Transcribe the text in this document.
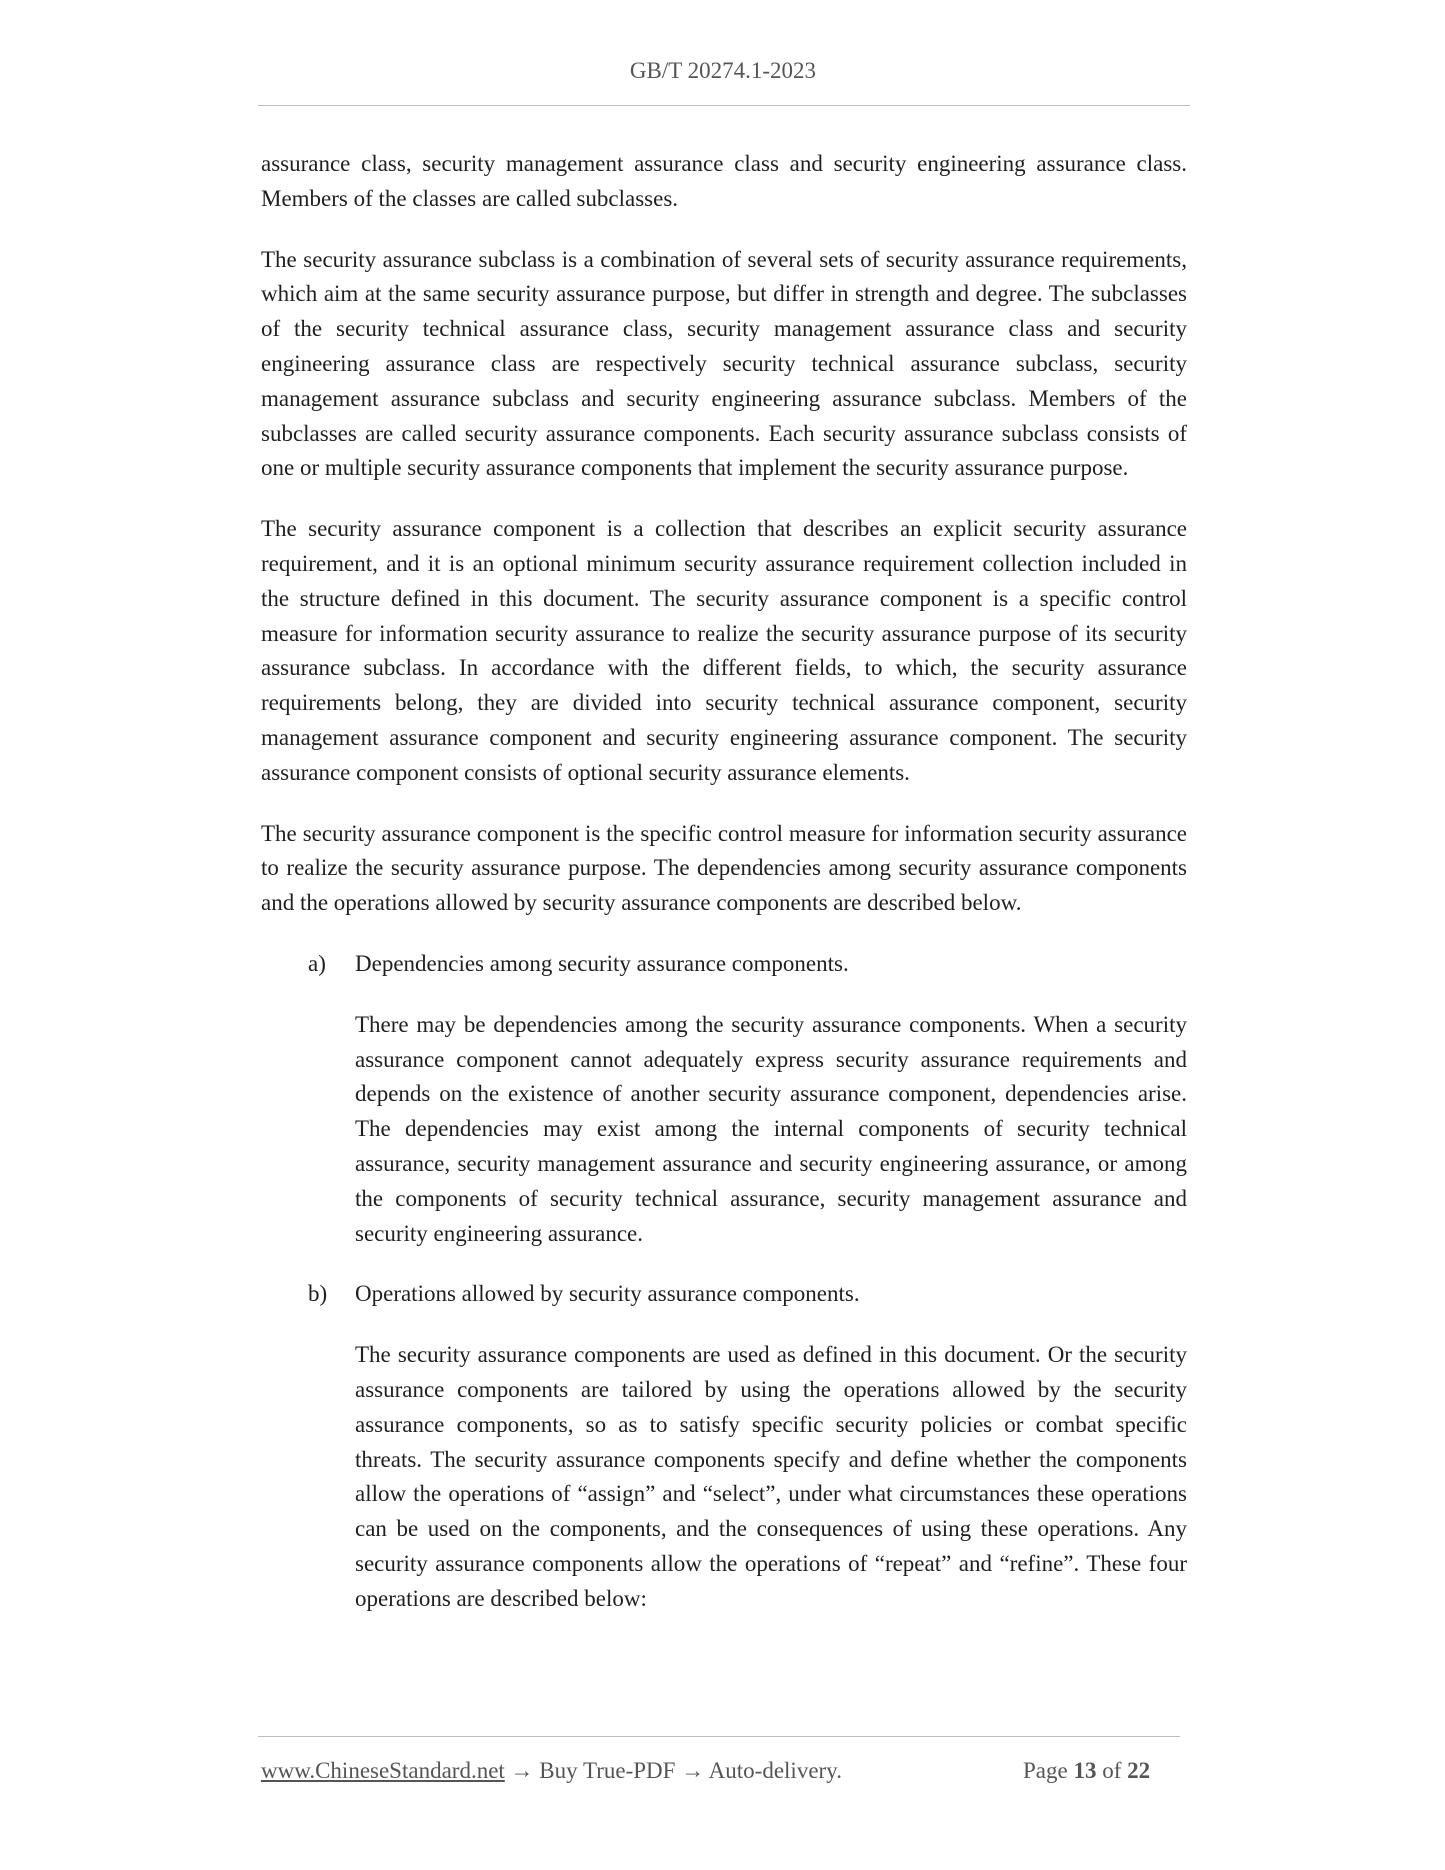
GB/T 20274.1-2023

assurance class, security management assurance class and security engineering assurance class. Members of the classes are called subclasses.

The security assurance subclass is a combination of several sets of security assurance requirements, which aim at the same security assurance purpose, but differ in strength and degree. The subclasses of the security technical assurance class, security management assurance class and security engineering assurance class are respectively security technical assurance subclass, security management assurance subclass and security engineering assurance subclass. Members of the subclasses are called security assurance components. Each security assurance subclass consists of one or multiple security assurance components that implement the security assurance purpose.

The security assurance component is a collection that describes an explicit security assurance requirement, and it is an optional minimum security assurance requirement collection included in the structure defined in this document. The security assurance component is a specific control measure for information security assurance to realize the security assurance purpose of its security assurance subclass. In accordance with the different fields, to which, the security assurance requirements belong, they are divided into security technical assurance component, security management assurance component and security engineering assurance component. The security assurance component consists of optional security assurance elements.

The security assurance component is the specific control measure for information security assurance to realize the security assurance purpose. The dependencies among security assurance components and the operations allowed by security assurance components are described below.

a) Dependencies among security assurance components.
There may be dependencies among the security assurance components. When a security assurance component cannot adequately express security assurance requirements and depends on the existence of another security assurance component, dependencies arise. The dependencies may exist among the internal components of security technical assurance, security management assurance and security engineering assurance, or among the components of security technical assurance, security management assurance and security engineering assurance.
b) Operations allowed by security assurance components.
The security assurance components are used as defined in this document. Or the security assurance components are tailored by using the operations allowed by the security assurance components, so as to satisfy specific security policies or combat specific threats. The security assurance components specify and define whether the components allow the operations of “assign” and “select”, under what circumstances these operations can be used on the components, and the consequences of using these operations. Any security assurance components allow the operations of “repeat” and “refine”. These four operations are described below:
www.ChineseStandard.net → Buy True-PDF → Auto-delivery.	Page 13 of 22
